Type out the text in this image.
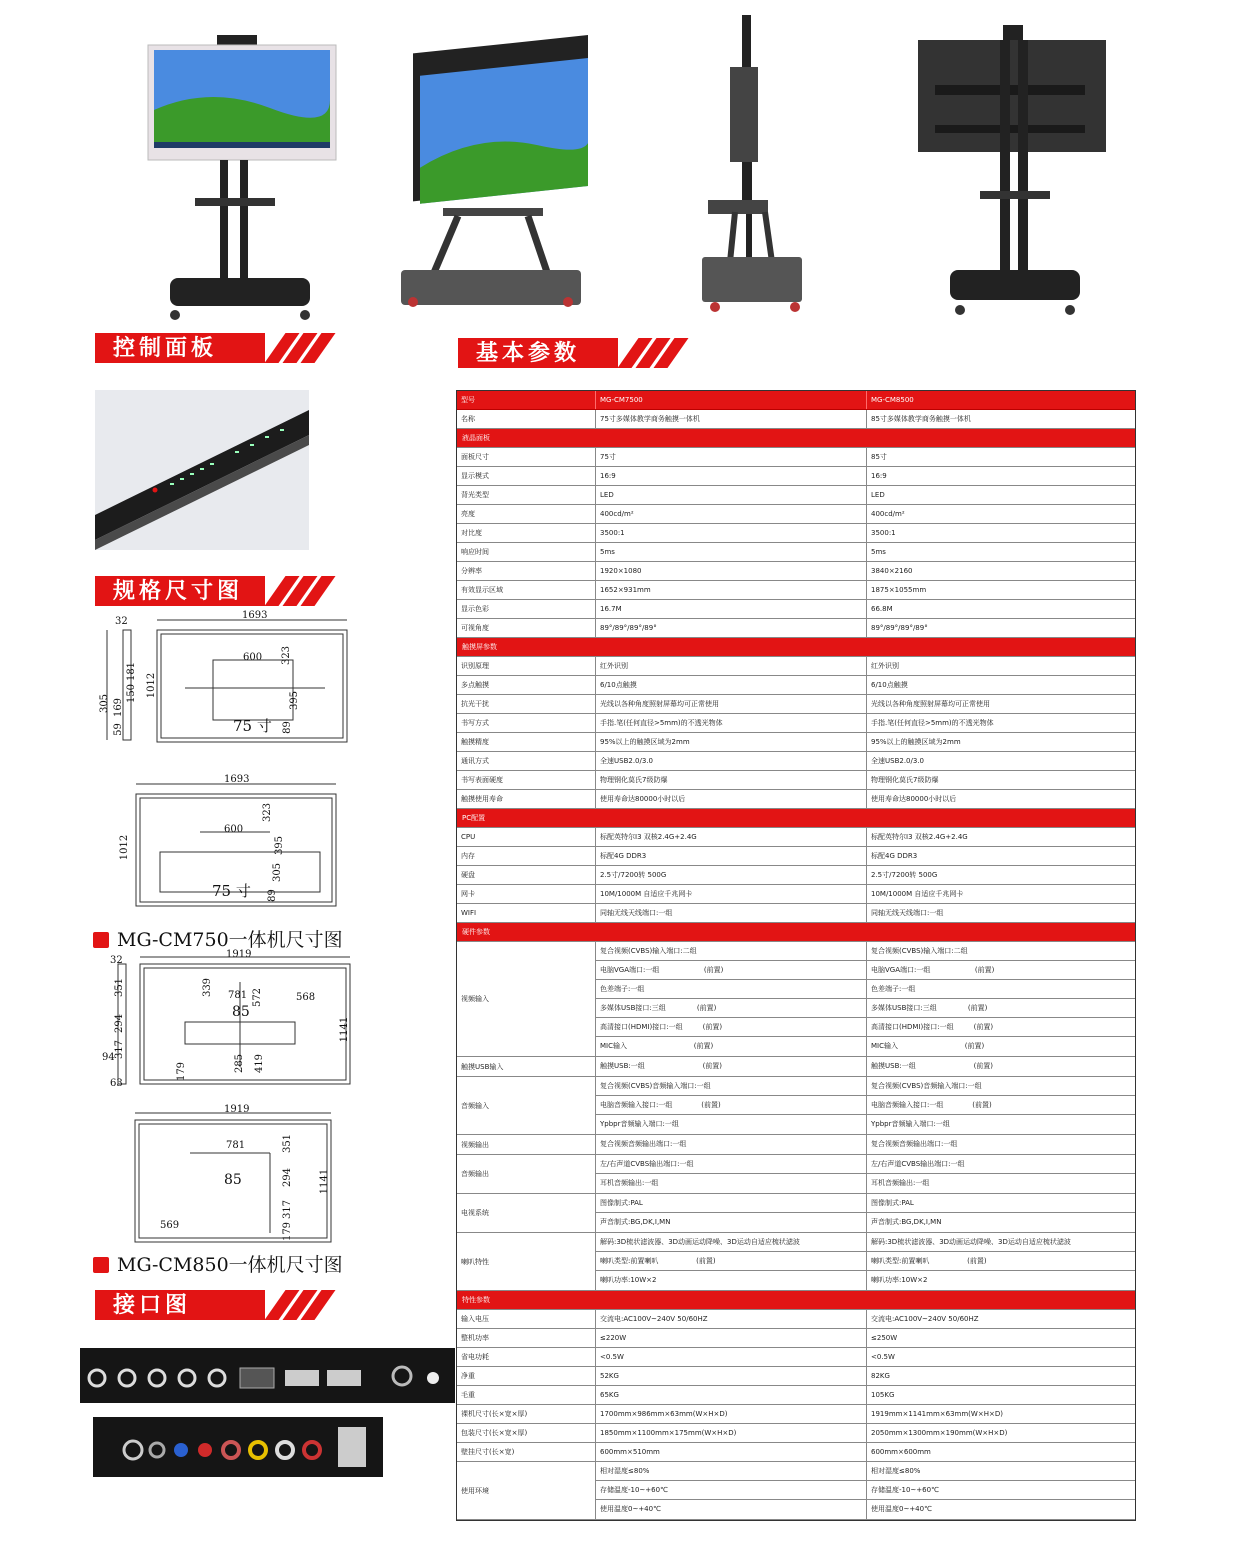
控制面板	基本参数
规格尺寸图
接口图
1693
32
1012
600 323
181
150
169
305	395
89
59	75 寸
1693
1012
600
323
395
305
89
75 寸
MG-CM750一体机尺寸图
1919
32
1141
781	568
85
351
294
317
94
63
339
572
285 419
179
1919
1141
781
85
351
294
317
179
569
MG-CM850一体机尺寸图
型号	MG-CM7500	MG-CM8500
名称	75寸多媒体教学商务触摸一体机	85寸多媒体教学商务触摸一体机
液晶面板
面板尺寸	75寸	85寸
显示模式	16:9	16:9
背光类型	LED	LED
亮度	400cd/m²	400cd/m²
对比度	3500:1	3500:1
响应时间	5ms	5ms
分辨率	1920×1080	3840×2160
有效显示区域	1652×931mm	1875×1055mm
显示色彩	16.7M	66.8M
可视角度	89°/89°/89°/89°	89°/89°/89°/89°
触摸屏参数
识别原理	红外识别	红外识别
多点触摸	6/10点触摸	6/10点触摸
抗光干扰	光线以各种角度照射屏幕均可正常使用	光线以各种角度照射屏幕均可正常使用
书写方式	手指.笔(任何直径>5mm)的不透光物体	手指.笔(任何直径>5mm)的不透光物体
触摸精度	95%以上的触摸区域为2mm	95%以上的触摸区域为2mm
通讯方式	全速USB2.0/3.0	全速USB2.0/3.0
书写表面硬度	物理钢化莫氏7级防爆	物理钢化莫氏7级防爆
触摸使用寿命	使用寿命达80000小时以后	使用寿命达80000小时以后
PC配置
CPU	标配英特尔I3 双核2.4G+2.4G	标配英特尔I3 双核2.4G+2.4G
内存	标配4G DDR3	标配4G DDR3
硬盘	2.5寸/7200转 500G	2.5寸/7200转 500G
网卡	10M/1000M 自适应千兆网卡	10M/1000M 自适应千兆网卡
WIFI	同轴无线天线端口:一组	同轴无线天线端口:一组
硬件参数
视频输入
复合视频(CVBS)输入端口:二组	复合视频(CVBS)输入端口:二组
电脑VGA端口:一组                    (前置)	电脑VGA端口:一组                    (前置)
色差端子:一组	色差端子:一组
多媒体USB接口:三组              (前置)	多媒体USB接口:三组              (前置)
高清接口(HDMI)接口:一组         (前置)	高清接口(HDMI)接口:一组         (前置)
MIC输入                              (前置)	MIC输入                              (前置)
触摸USB输入	触摸USB:一组                          (前置)	触摸USB:一组                          (前置)
音频输入
复合视频(CVBS)音频输入端口:一组	复合视频(CVBS)音频输入端口:一组
电脑音频输入接口:一组             (前置)	电脑音频输入接口:一组             (前置)
Ypbpr音频输入端口:一组	Ypbpr音频输入端口:一组
视频输出	复合视频音频输出端口:一组	复合视频音频输出端口:一组
音频输出
左/右声道CVBS输出端口:一组	左/右声道CVBS输出端口:一组
耳机音频输出:一组	耳机音频输出:一组
电视系统
图像制式:PAL	图像制式:PAL
声音制式:BG,DK,I,MN	声音制式:BG,DK,I,MN
喇叭特性
解码:3D梳状滤波器、3D动画运动降噪、3D运动自适应梳状滤波	解码:3D梳状滤波器、3D动画运动降噪、3D运动自适应梳状滤波
喇叭类型:前置喇叭                 (前置)	喇叭类型:前置喇叭                 (前置)
喇叭功率:10W×2	喇叭功率:10W×2
特性参数
输入电压	交流电:AC100V~240V 50/60HZ	交流电:AC100V~240V 50/60HZ
整机功率	≤220W	≤250W
省电功耗	<0.5W	<0.5W
净重	52KG	82KG
毛重	65KG	105KG
裸机尺寸(长×宽×厚)	1700mm×986mm×63mm(W×H×D)	1919mm×1141mm×63mm(W×H×D)
包装尺寸(长×宽×厚)	1850mm×1100mm×175mm(W×H×D)	2050mm×1300mm×190mm(W×H×D)
壁挂尺寸(长×宽)	600mm×510mm	600mm×600mm
使用环境
相对湿度≤80%	相对湿度≤80%
存储温度-10~+60℃	存储温度-10~+60℃
使用温度0~+40℃	使用温度0~+40℃
